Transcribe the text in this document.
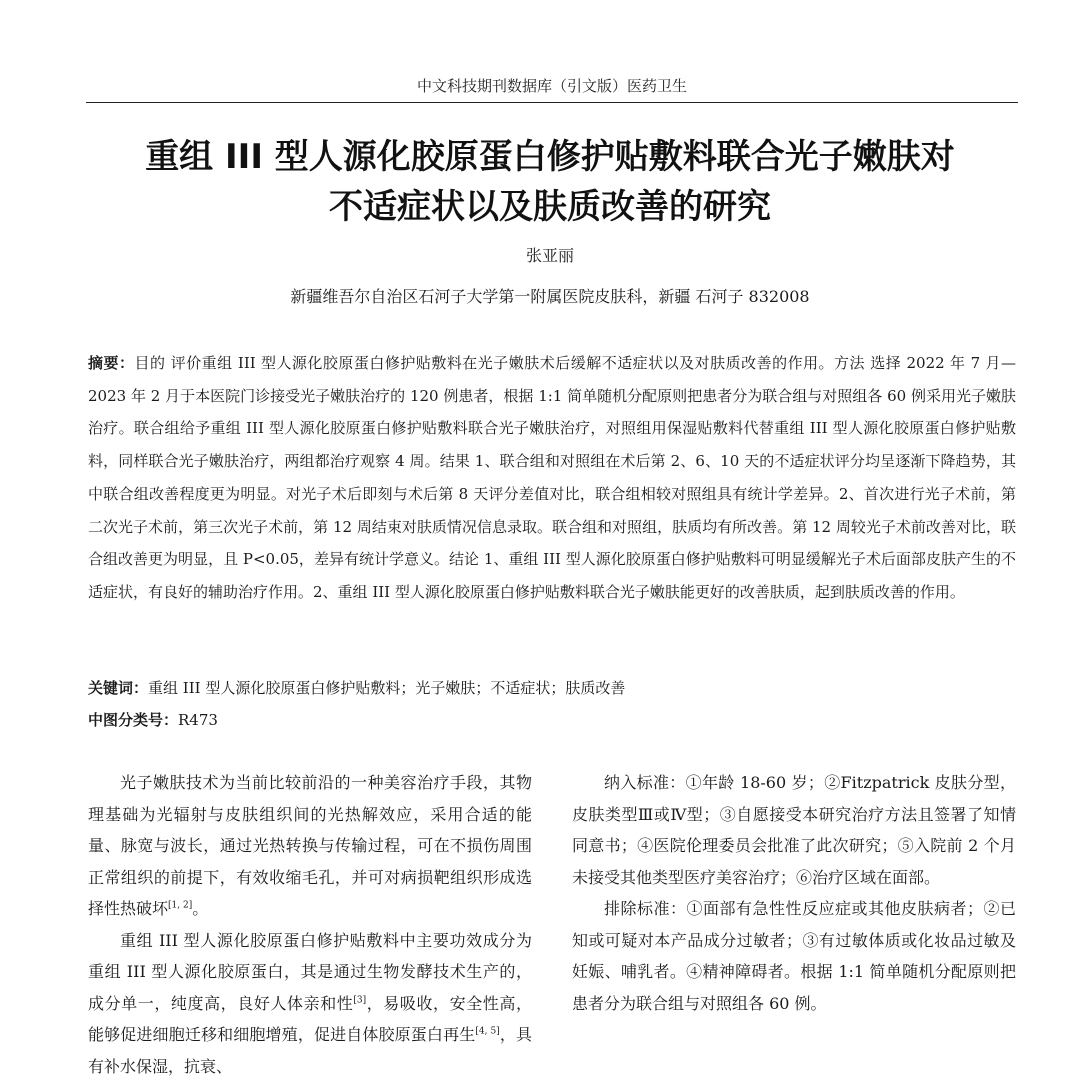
中文科技期刊数据库（引文版）医药卫生
重组 III 型人源化胶原蛋白修护贴敷料联合光子嫩肤对
不适症状以及肤质改善的研究
张亚丽
新疆维吾尔自治区石河子大学第一附属医院皮肤科，新疆 石河子 832008
摘要：目的 评价重组 III 型人源化胶原蛋白修护贴敷料在光子嫩肤术后缓解不适症状以及对肤质改善的作用。方法 选择 2022 年 7 月—2023 年 2 月于本医院门诊接受光子嫩肤治疗的 120 例患者，根据 1:1 简单随机分配原则把患者分为联合组与对照组各 60 例采用光子嫩肤治疗。联合组给予重组 III 型人源化胶原蛋白修护贴敷料联合光子嫩肤治疗，对照组用保湿贴敷料代替重组 III 型人源化胶原蛋白修护贴敷料，同样联合光子嫩肤治疗，两组都治疗观察 4 周。结果 1、联合组和对照组在术后第 2、6、10 天的不适症状评分均呈逐渐下降趋势，其中联合组改善程度更为明显。对光子术后即刻与术后第 8 天评分差值对比，联合组相较对照组具有统计学差异。2、首次进行光子术前，第二次光子术前，第三次光子术前，第 12 周结束对肤质情况信息录取。联合组和对照组，肤质均有所改善。第 12 周较光子术前改善对比，联合组改善更为明显，且 P<0.05，差异有统计学意义。结论 1、重组 III 型人源化胶原蛋白修护贴敷料可明显缓解光子术后面部皮肤产生的不适症状，有良好的辅助治疗作用。2、重组 III 型人源化胶原蛋白修护贴敷料联合光子嫩肤能更好的改善肤质，起到肤质改善的作用。
关键词：重组 III 型人源化胶原蛋白修护贴敷料；光子嫩肤；不适症状；肤质改善
中图分类号：R473

光子嫩肤技术为当前比较前沿的一种美容治疗手段，其物理基础为光辐射与皮肤组织间的光热解效应，采用合适的能量、脉宽与波长，通过光热转换与传输过程，可在不损伤周围正常组织的前提下，有效收缩毛孔，并可对病损靶组织形成选择性热破坏[1, 2]。

重组 III 型人源化胶原蛋白修护贴敷料中主要功效成分为重组 III 型人源化胶原蛋白，其是通过生物发酵技术生产的，成分单一，纯度高，良好人体亲和性[3]，易吸收，安全性高，能够促进细胞迁移和细胞增殖，促进自体胶原蛋白再生[4, 5]，具有补水保湿，抗衰、

纳入标准：①年龄 18-60 岁；②Fitzpatrick 皮肤分型，皮肤类型Ⅲ或Ⅳ型；③自愿接受本研究治疗方法且签署了知情同意书；④医院伦理委员会批准了此次研究；⑤入院前 2 个月未接受其他类型医疗美容治疗；⑥治疗区域在面部。

排除标准：①面部有急性性反应症或其他皮肤病者；②已知或可疑对本产品成分过敏者；③有过敏体质或化妆品过敏及妊娠、哺乳者。④精神障碍者。根据 1:1 简单随机分配原则把患者分为联合组与对照组各 60 例。
